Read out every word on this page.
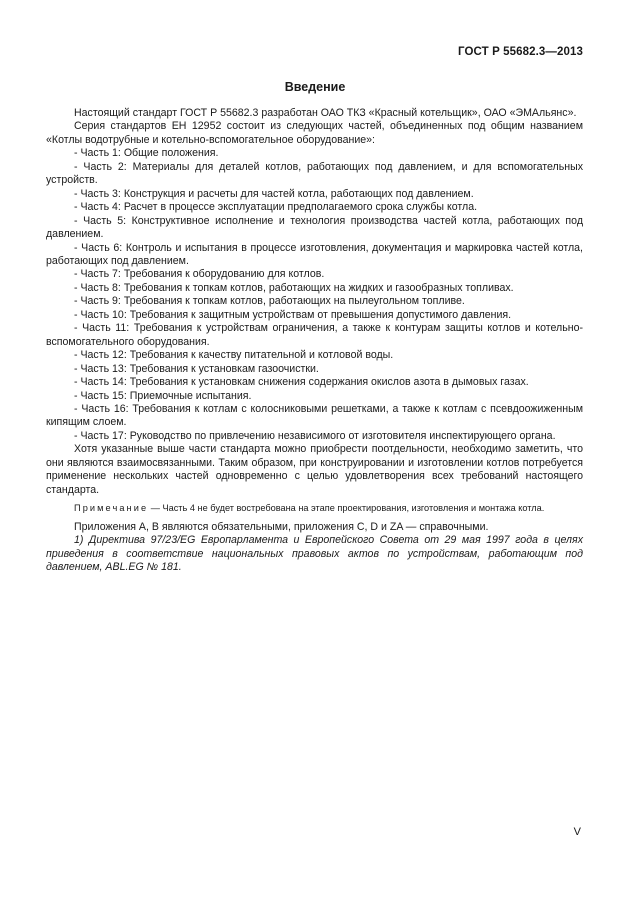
ГОСТ Р 55682.3—2013
Введение

Настоящий стандарт ГОСТ Р 55682.3 разработан ОАО ТКЗ «Красный котельщик», ОАО «ЭМАльянс».

Серия стандартов ЕН 12952 состоит из следующих частей, объединенных под общим названием «Котлы водотрубные и котельно-вспомогательное оборудование»:

- Часть 1: Общие положения.

- Часть 2: Материалы для деталей котлов, работающих под давлением, и для вспомогательных устройств.

- Часть 3: Конструкция и расчеты для частей котла, работающих под давлением.

- Часть 4: Расчет в процессе эксплуатации предполагаемого срока службы котла.

- Часть 5: Конструктивное исполнение и технология производства частей котла, работающих под давлением.

- Часть 6: Контроль и испытания в процессе изготовления, документация и маркировка частей котла, работающих под давлением.

- Часть 7: Требования к оборудованию для котлов.

- Часть 8: Требования к топкам котлов, работающих на жидких и газообразных топливах.

- Часть 9: Требования к топкам котлов, работающих на пылеугольном топливе.

- Часть 10: Требования к защитным устройствам от превышения допустимого давления.

- Часть 11: Требования к устройствам ограничения, а также к контурам защиты котлов и котельно-вспомогательного оборудования.

- Часть 12: Требования к качеству питательной и котловой воды.

- Часть 13: Требования к установкам газоочистки.

- Часть 14: Требования к установкам снижения содержания окислов азота в дымовых газах.

- Часть 15: Приемочные испытания.

- Часть 16: Требования к котлам с колосниковыми решетками, а также к котлам с псевдоожиженным кипящим слоем.

- Часть 17: Руководство по привлечению независимого от изготовителя инспектирующего органа.

Хотя указанные выше части стандарта можно приобрести поотдельности, необходимо заметить, что они являются взаимосвязанными. Таким образом, при конструировании и изготовлении котлов потребуется применение нескольких частей одновременно с целью удовлетворения всех требований настоящего стандарта.

Примечание — Часть 4 не будет востребована на этапе проектирования, изготовления и монтажа котла.

Приложения А, В являются обязательными, приложения С, D и ZA — справочными.

1) Директива 97/23/EG Европарламента и Европейского Совета от 29 мая 1997 года в целях приведения в соответствие национальных правовых актов по устройствам, работающим под давлением, ABL.EG № 181.

V
